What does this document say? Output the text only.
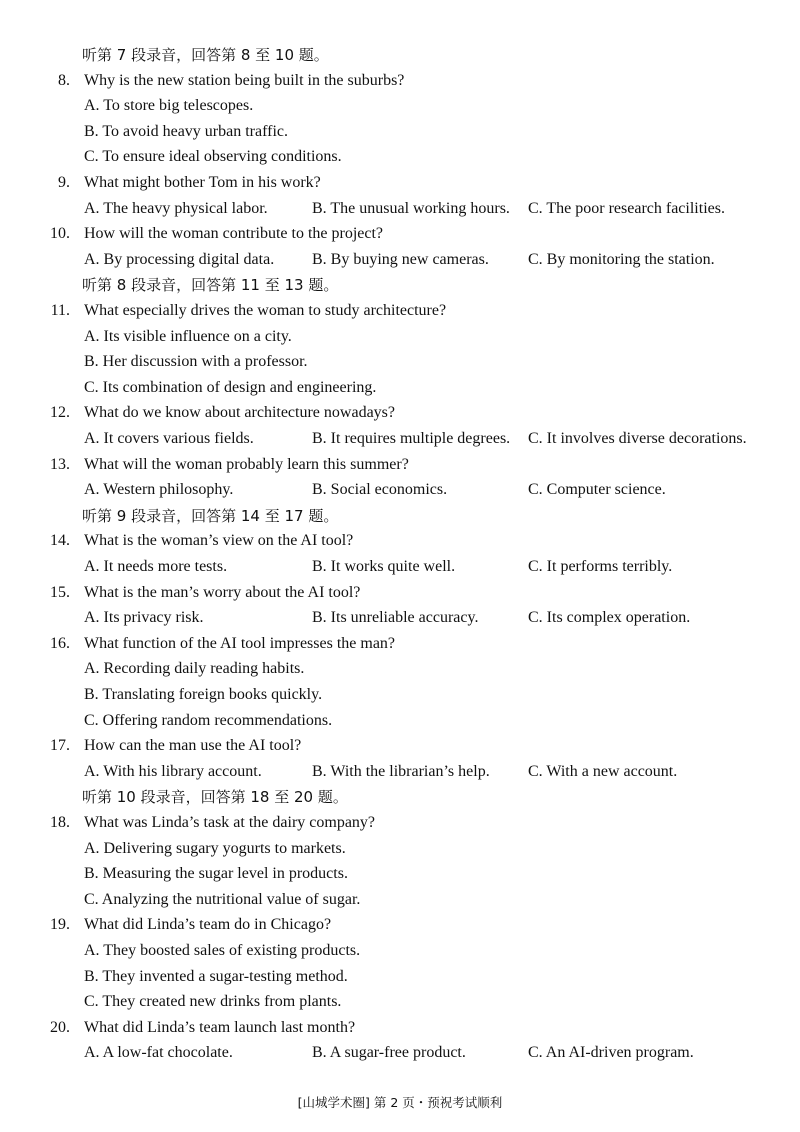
听第 7 段录音，回答第 8 至 10 题。
8. Why is the new station being built in the suburbs?
A. To store big telescopes.
B. To avoid heavy urban traffic.
C. To ensure ideal observing conditions.
9. What might bother Tom in his work?
A. The heavy physical labor.	B. The unusual working hours. C. The poor research facilities.
10. How will the woman contribute to the project?
A. By processing digital data. B. By buying new cameras. C. By monitoring the station.
听第 8 段录音，回答第 11 至 13 题。
11. What especially drives the woman to study architecture?
A. Its visible influence on a city.
B. Her discussion with a professor.
C. Its combination of design and engineering.
12. What do we know about architecture nowadays?
A. It covers various fields.	B. It requires multiple degrees. C. It involves diverse decorations.
13. What will the woman probably learn this summer?
A. Western philosophy.	B. Social economics.	C. Computer science.
听第 9 段录音，回答第 14 至 17 题。
14. What is the woman’s view on the AI tool?
A. It needs more tests.	B. It works quite well.	C. It performs terribly.
15. What is the man’s worry about the AI tool?
A. Its privacy risk.	B. Its unreliable accuracy.	C. Its complex operation.
16. What function of the AI tool impresses the man?
A. Recording daily reading habits.
B. Translating foreign books quickly.
C. Offering random recommendations.
17. How can the man use the AI tool?
A. With his library account.	B. With the librarian’s help. C. With a new account.
听第 10 段录音，回答第 18 至 20 题。
18. What was Linda’s task at the dairy company?
A. Delivering sugary yogurts to markets.
B. Measuring the sugar level in products.
C. Analyzing the nutritional value of sugar.
19. What did Linda’s team do in Chicago?
A. They boosted sales of existing products.
B. They invented a sugar-testing method.
C. They created new drinks from plants.
20. What did Linda’s team launch last month?
A. A low-fat chocolate.	B. A sugar-free product.	C. An AI-driven program.
[山城学术圈] 第 2 页・预祝考试顺利
